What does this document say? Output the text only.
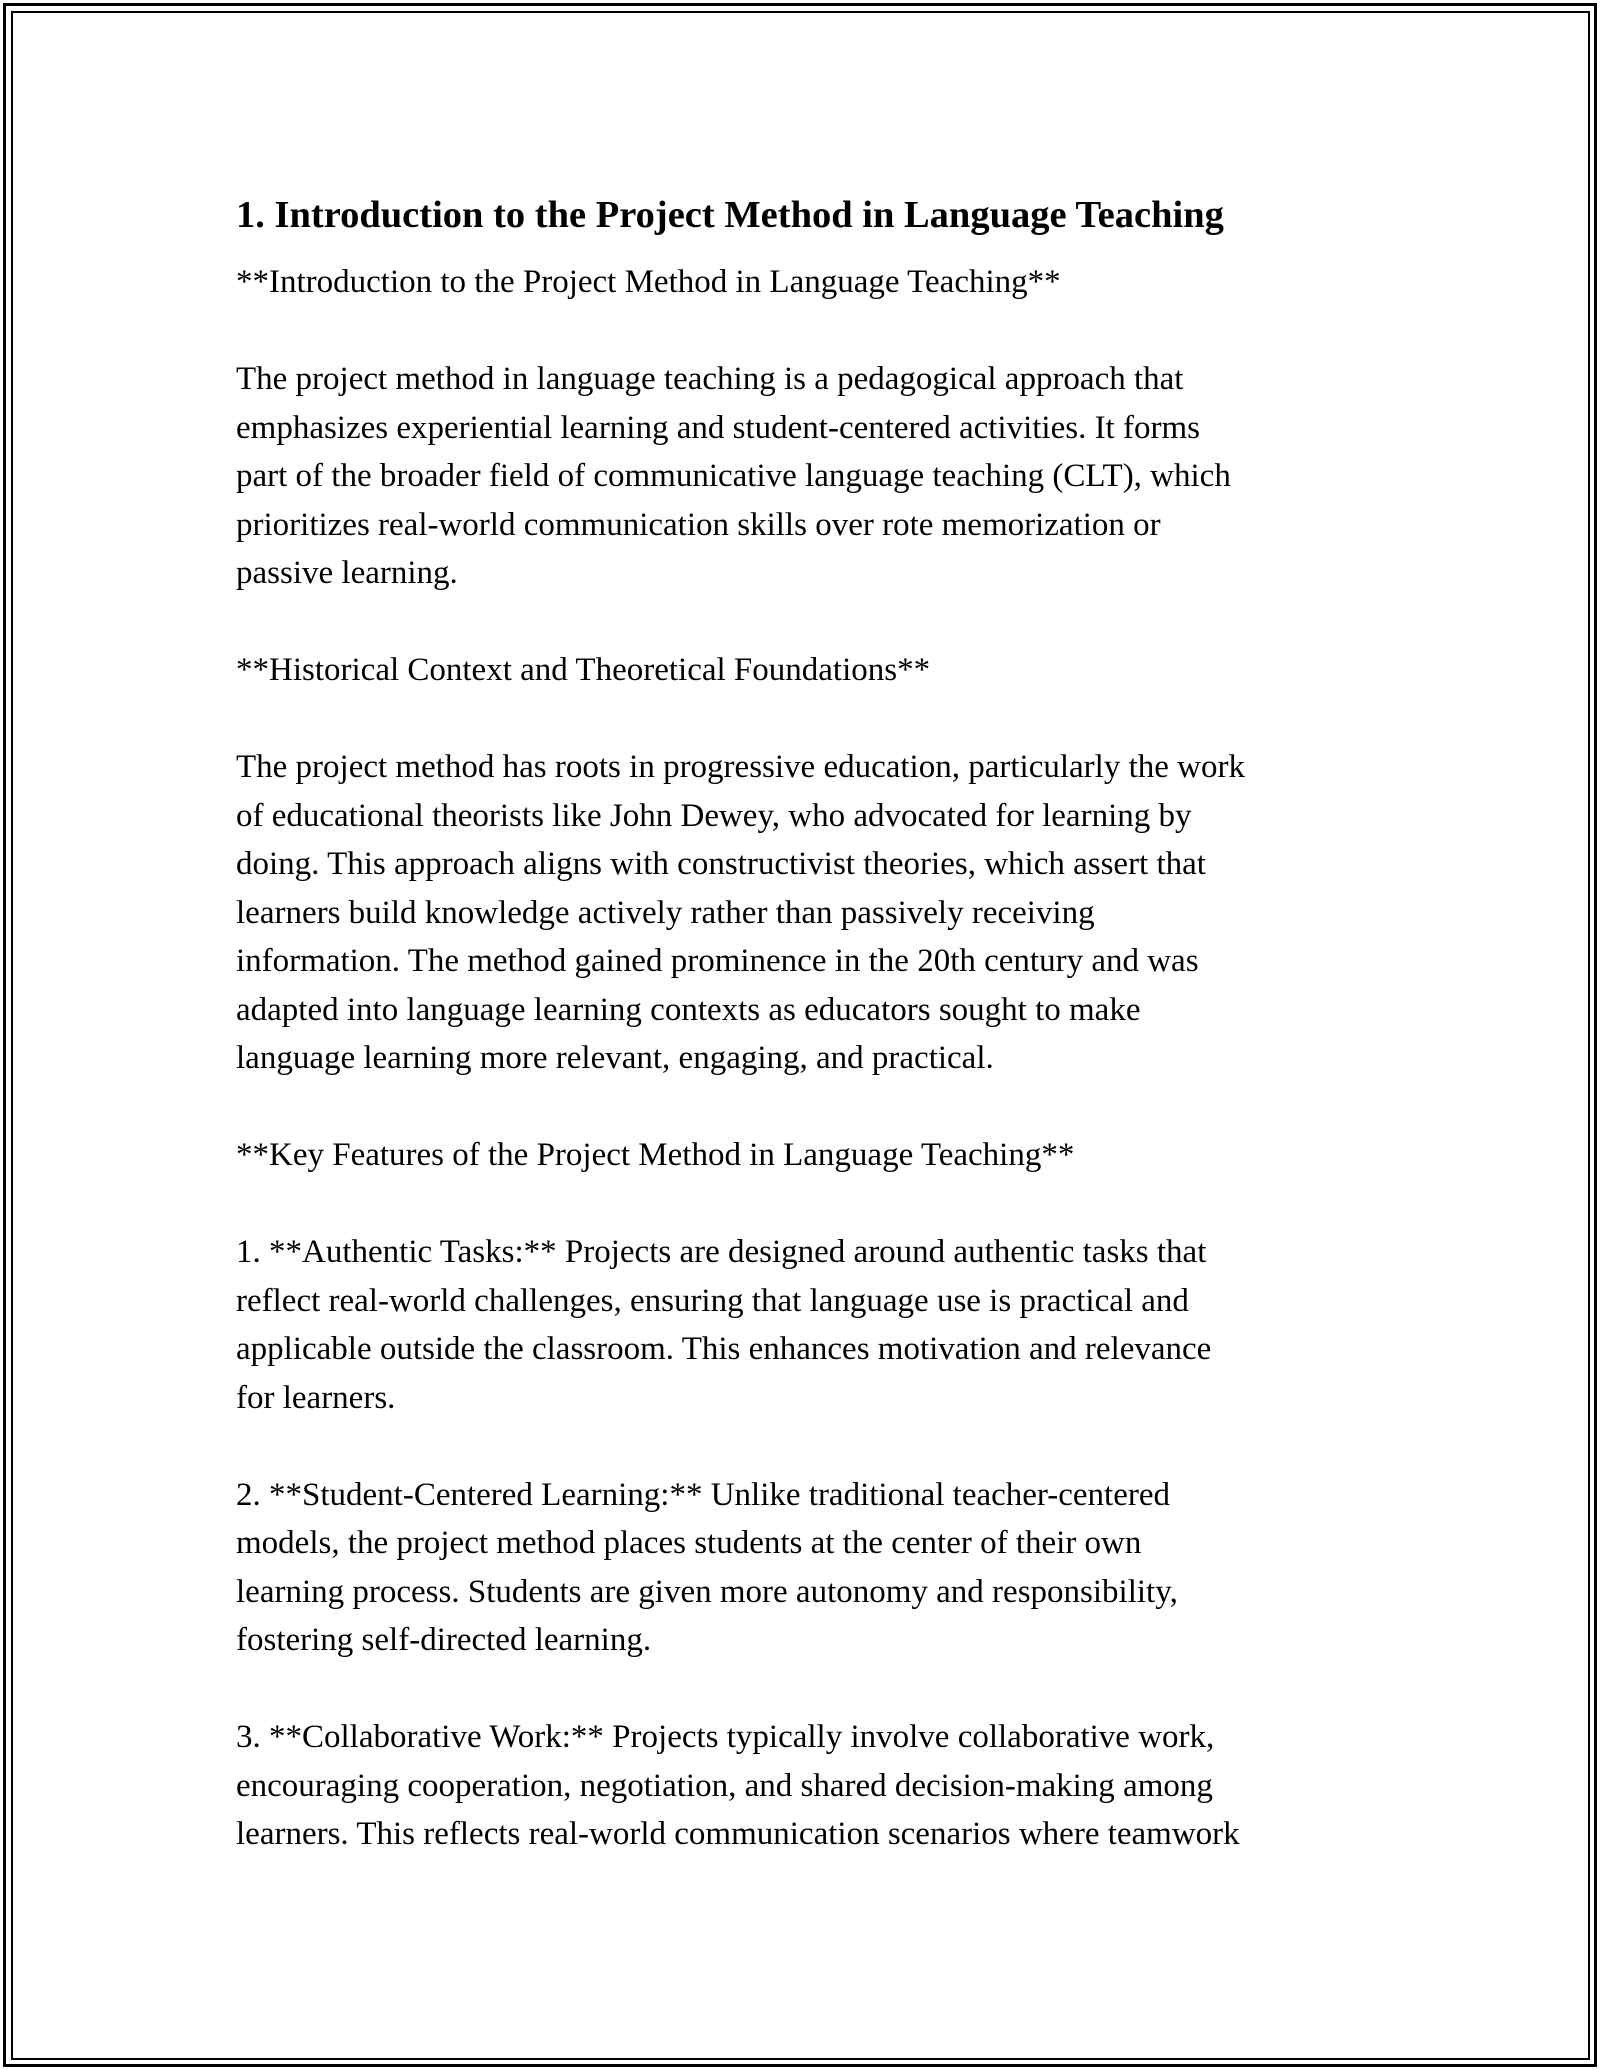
1. Introduction to the Project Method in Language Teaching

**Introduction to the Project Method in Language Teaching**

The project method in language teaching is a pedagogical approach that
emphasizes experiential learning and student-centered activities. It forms
part of the broader field of communicative language teaching (CLT), which
prioritizes real-world communication skills over rote memorization or
passive learning.

**Historical Context and Theoretical Foundations**

The project method has roots in progressive education, particularly the work
of educational theorists like John Dewey, who advocated for learning by
doing. This approach aligns with constructivist theories, which assert that
learners build knowledge actively rather than passively receiving
information. The method gained prominence in the 20th century and was
adapted into language learning contexts as educators sought to make
language learning more relevant, engaging, and practical.

**Key Features of the Project Method in Language Teaching**

1. **Authentic Tasks:** Projects are designed around authentic tasks that
reflect real-world challenges, ensuring that language use is practical and
applicable outside the classroom. This enhances motivation and relevance
for learners.

2. **Student-Centered Learning:** Unlike traditional teacher-centered
models, the project method places students at the center of their own
learning process. Students are given more autonomy and responsibility,
fostering self-directed learning.

3. **Collaborative Work:** Projects typically involve collaborative work,
encouraging cooperation, negotiation, and shared decision-making among
learners. This reflects real-world communication scenarios where teamwork
